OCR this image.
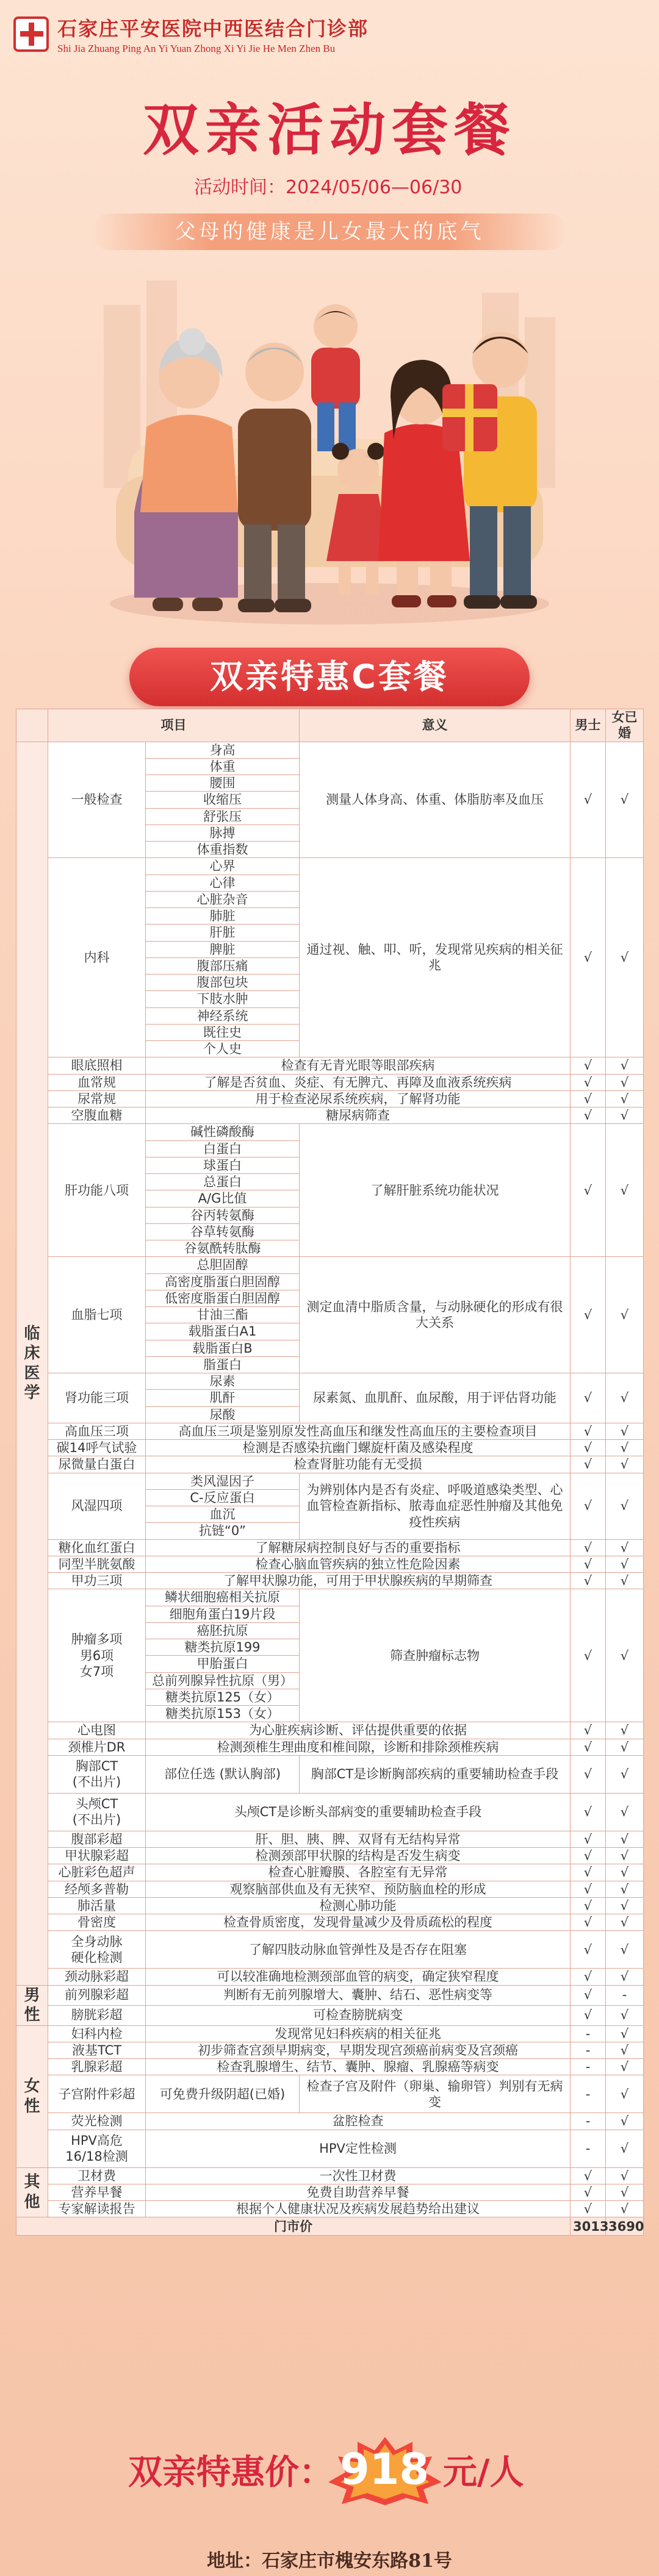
石家庄平安医院中西医结合门诊部
Shi Jia Zhuang Ping An Yi Yuan Zhong Xi Yi Jie He Men Zhen Bu
双亲活动套餐
活动时间：2024/05/06—06/30
父母的健康是儿女最大的底气
双亲特惠C套餐
	项目		意义	男士	女已婚
临床医学	一般检查	身高	测量人体身高、体重、体脂肪率及血压	√	√
		体重			
		腰围			
		收缩压			
		舒张压			
		脉搏			
		体重指数			
	内科	心界	通过视、触、叩、听，发现常见疾病的相关征兆	√	√
		心律			
		心脏杂音			
		肺脏			
		肝脏			
		脾脏			
		腹部压痛			
		腹部包块			
		下肢水肿			
		神经系统			
		既往史			
		个人史			
	眼底照相	检查有无青光眼等眼部疾病		√	√
	血常规	了解是否贫血、炎症、有无脾亢、再障及血液系统疾病		√	√
	尿常规	用于检查泌尿系统疾病，了解肾功能		√	√
	空腹血糖	糖尿病筛查		√	√
	肝功能八项	碱性磷酸酶	了解肝脏系统功能状况	√	√
		白蛋白			
		球蛋白			
		总蛋白			
		A/G比值			
		谷丙转氨酶			
		谷草转氨酶			
		谷氨酰转肽酶			
	血脂七项	总胆固醇	测定血清中脂质含量，与动脉硬化的形成有很大关系	√	√
		高密度脂蛋白胆固醇			
		低密度脂蛋白胆固醇			
		甘油三酯			
		载脂蛋白A1			
		载脂蛋白B			
		脂蛋白			
	肾功能三项	尿素	尿素氮、血肌酐、血尿酸，用于评估肾功能	√	√
		肌酐			
		尿酸			
	高血压三项	高血压三项是鉴别原发性高血压和继发性高血压的主要检查项目		√	√
	碳14呼气试验	检测是否感染抗幽门螺旋杆菌及感染程度		√	√
	尿微量白蛋白	检查肾脏功能有无受损		√	√
	风湿四项	类风湿因子	为辨别体内是否有炎症、呼吸道感染类型、心血管检查新指标、脓毒血症恶性肿瘤及其他免疫性疾病	√	√
		C-反应蛋白			
		血沉			
		抗链“0”			
	糖化血红蛋白	了解糖尿病控制良好与否的重要指标		√	√
	同型半胱氨酸	检查心脑血管疾病的独立性危险因素		√	√
	甲功三项	了解甲状腺功能，可用于甲状腺疾病的早期筛查		√	√
	肿瘤多项
男6项
女7项	鳞状细胞癌相关抗原	筛查肿瘤标志物	√	√
		细胞角蛋白19片段			
		癌胚抗原			
		糖类抗原199			
		甲胎蛋白			
		总前列腺异性抗原（男）			
		糖类抗原125（女）			
		糖类抗原153（女）			
	心电图	为心脏疾病诊断、评估提供重要的依据		√	√
	颈椎片DR	检测颈椎生理曲度和椎间隙，诊断和排除颈椎疾病		√	√
	胸部CT
(不出片)	部位任选 (默认胸部)	胸部CT是诊断胸部疾病的重要辅助检查手段	√	√
	头颅CT
(不出片)	头颅CT是诊断头部病变的重要辅助检查手段		√	√
	腹部彩超	肝、胆、胰、脾、双肾有无结构异常		√	√
	甲状腺彩超	检测颈部甲状腺的结构是否发生病变		√	√
	心脏彩色超声	检查心脏瓣膜、各腔室有无异常		√	√
	经颅多普勒	观察脑部供血及有无狭窄、预防脑血栓的形成		√	√
	肺活量	检测心肺功能		√	√
	骨密度	检查骨质密度，发现骨量减少及骨质疏松的程度		√	√
	全身动脉
硬化检测	了解四肢动脉血管弹性及是否存在阻塞		√	√
	颈动脉彩超	可以较准确地检测颈部血管的病变，确定狭窄程度		√	√
男性	前列腺彩超	判断有无前列腺增大、囊肿、结石、恶性病变等		√	-
	膀胱彩超	可检查膀胱病变		√	√
女性	妇科内检	发现常见妇科疾病的相关征兆		-	√
	液基TCT	初步筛查宫颈早期病变，早期发现宫颈癌前病变及宫颈癌		-	√
	乳腺彩超	检查乳腺增生、结节、囊肿、腺瘤、乳腺癌等病变		-	√
	子宫附件彩超	可免费升级阴超(已婚)	检查子宫及附件（卵巢、输卵管）判别有无病变	-	√
	荧光检测	盆腔检查		-	√
	HPV高危
16/18检测	HPV定性检测		-	√
其他	卫材费	一次性卫材费		√	√
	营养早餐	免费自助营养早餐		√	√
	专家解读报告	根据个人健康状况及疾病发展趋势给出建议		√	√
门市价				3013	3690
双亲特惠价： 918 元/人
地址：石家庄市槐安东路81号
